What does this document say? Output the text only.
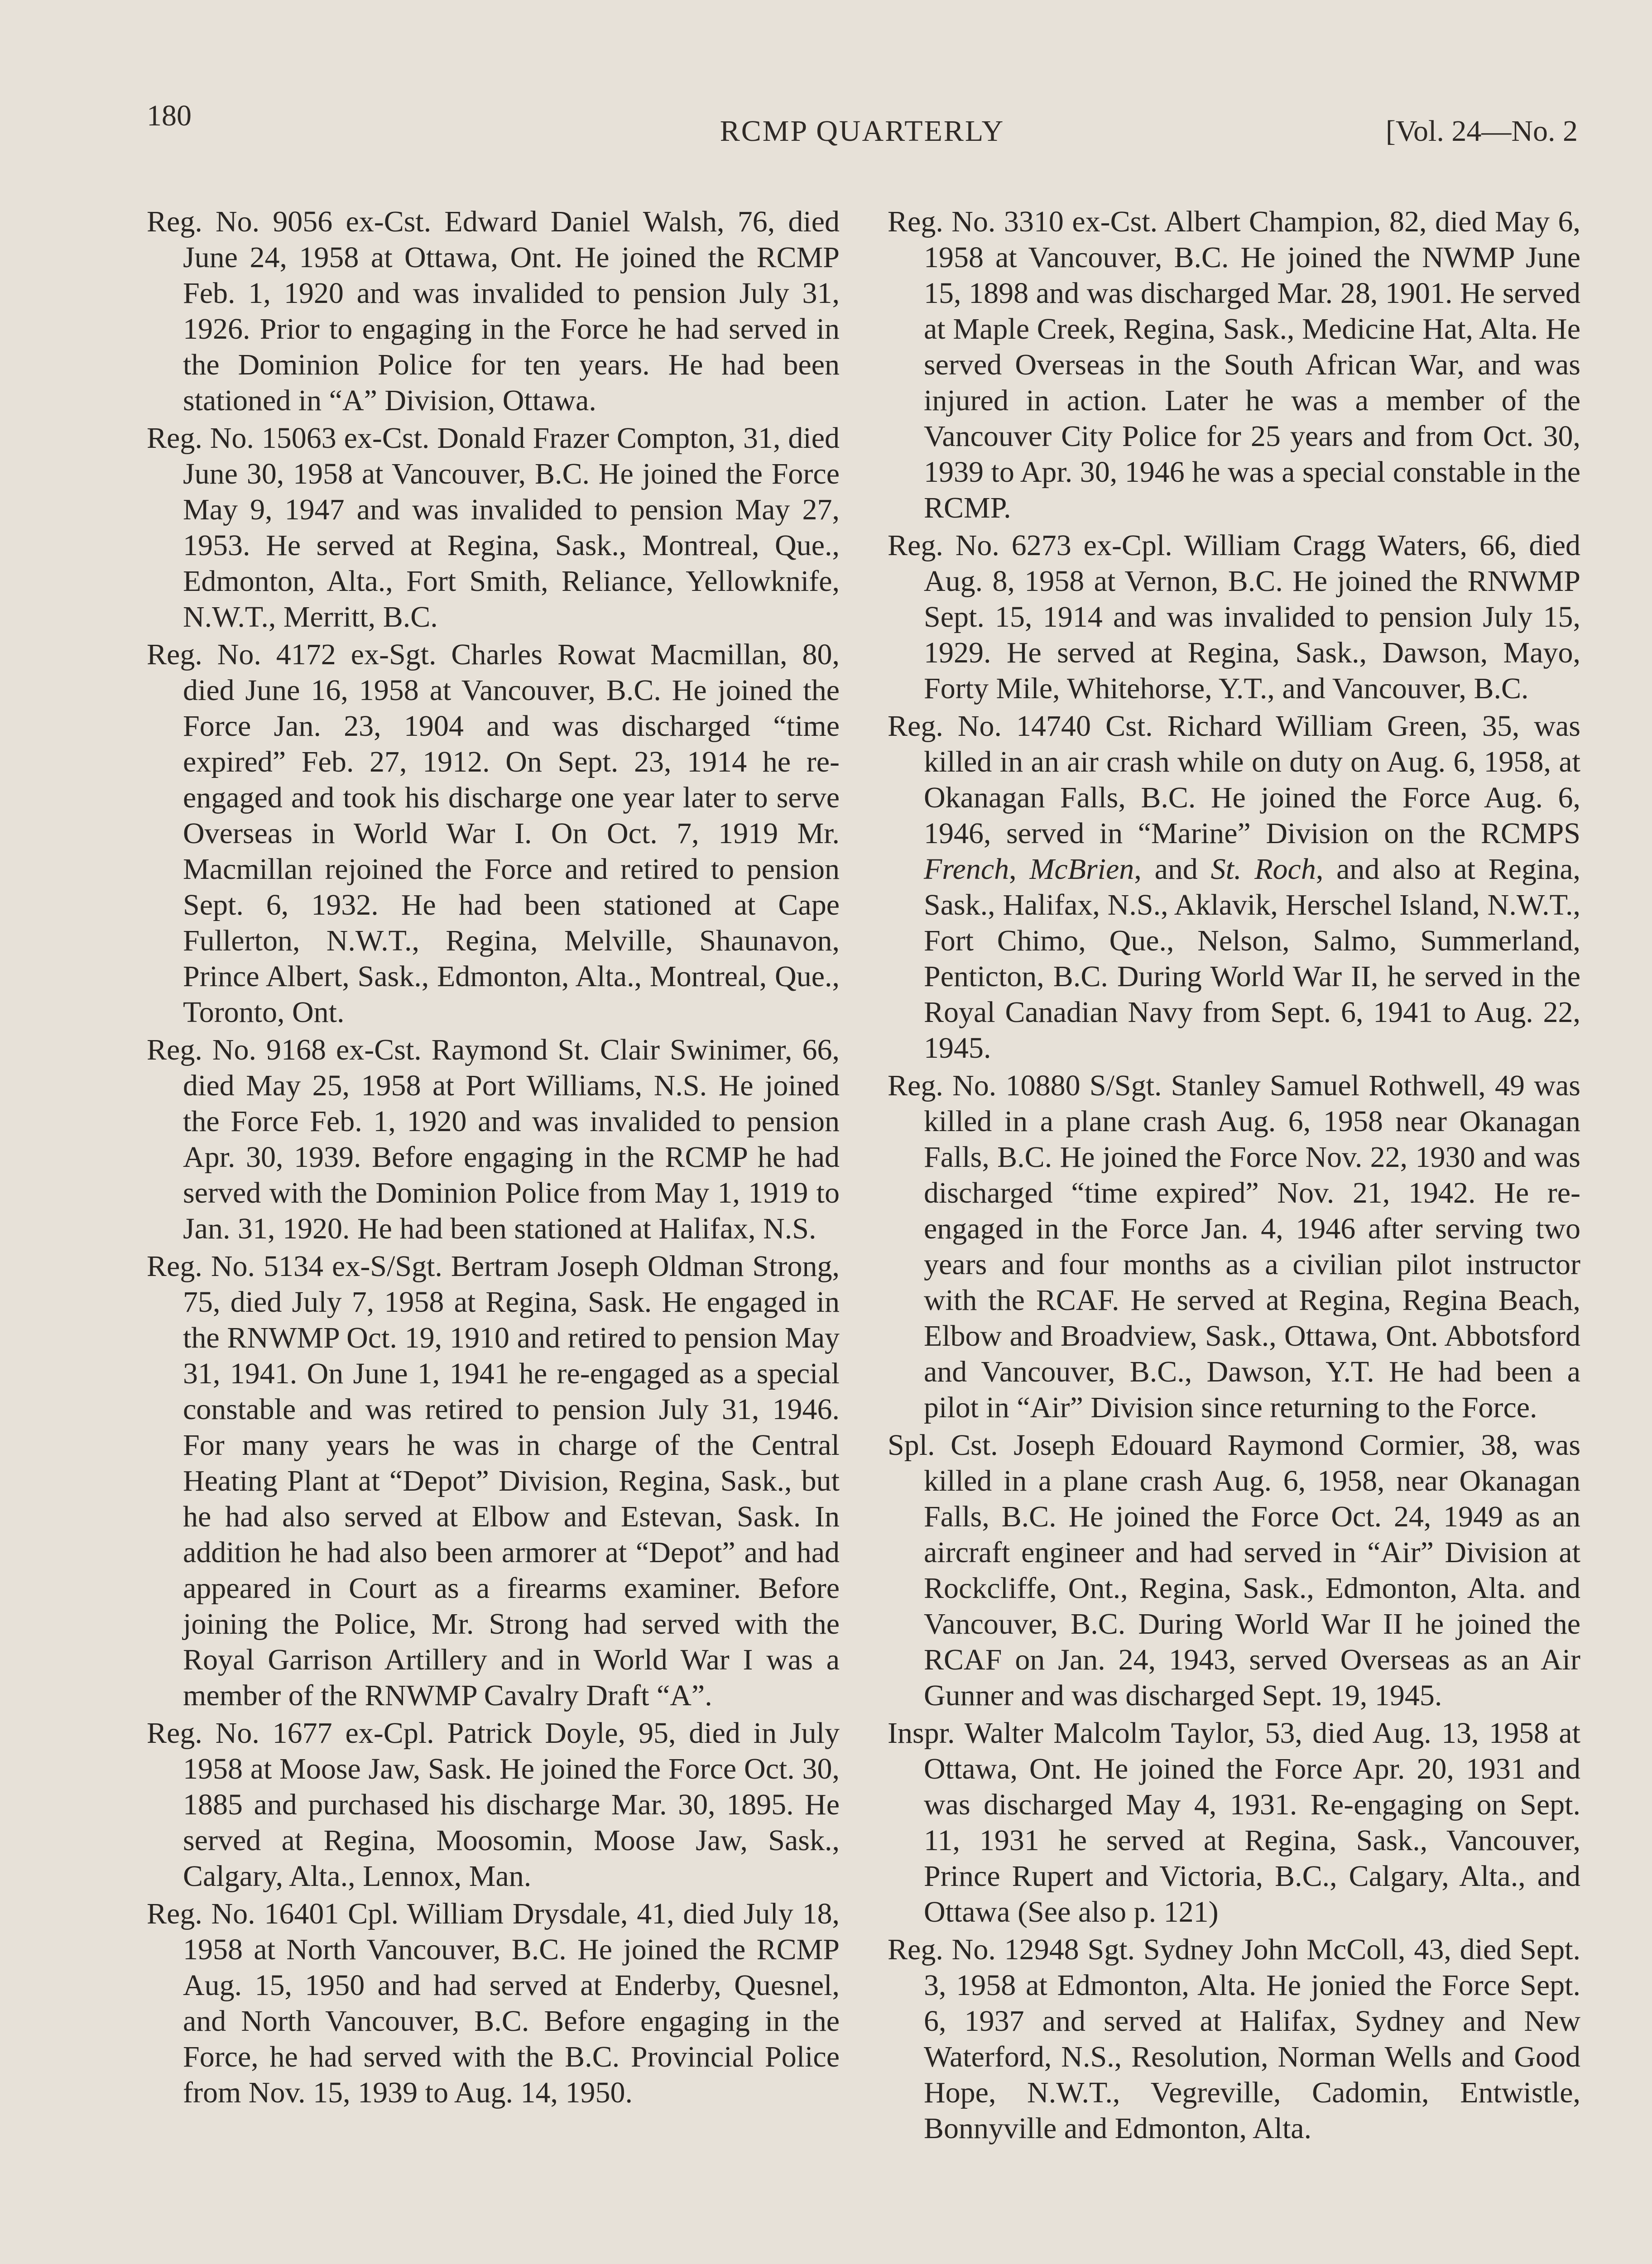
180	RCMP QUARTERLY	[Vol. 24—No. 2

Reg. No. 9056 ex-Cst. Edward Daniel Walsh, 76, died June 24, 1958 at Ottawa, Ont. He joined the RCMP Feb. 1, 1920 and was invalided to pension July 31, 1926. Prior to engaging in the Force he had served in the Dominion Police for ten years. He had been stationed in “A” Division, Ottawa.

Reg. No. 15063 ex-Cst. Donald Frazer Compton, 31, died June 30, 1958 at Vancouver, B.C. He joined the Force May 9, 1947 and was invalided to pension May 27, 1953. He served at Regina, Sask., Montreal, Que., Edmonton, Alta., Fort Smith, Reliance, Yellowknife, N.W.T., Merritt, B.C.

Reg. No. 4172 ex-Sgt. Charles Rowat Macmillan, 80, died June 16, 1958 at Vancouver, B.C. He joined the Force Jan. 23, 1904 and was discharged “time expired” Feb. 27, 1912. On Sept. 23, 1914 he re-engaged and took his discharge one year later to serve Overseas in World War I. On Oct. 7, 1919 Mr. Macmillan rejoined the Force and retired to pension Sept. 6, 1932. He had been stationed at Cape Fullerton, N.W.T., Regina, Melville, Shaunavon, Prince Albert, Sask., Edmonton, Alta., Montreal, Que., Toronto, Ont.

Reg. No. 9168 ex-Cst. Raymond St. Clair Swinimer, 66, died May 25, 1958 at Port Williams, N.S. He joined the Force Feb. 1, 1920 and was invalided to pension Apr. 30, 1939. Before engaging in the RCMP he had served with the Dominion Police from May 1, 1919 to Jan. 31, 1920. He had been stationed at Halifax, N.S.

Reg. No. 5134 ex-S/Sgt. Bertram Joseph Oldman Strong, 75, died July 7, 1958 at Regina, Sask. He engaged in the RNWMP Oct. 19, 1910 and retired to pension May 31, 1941. On June 1, 1941 he re-engaged as a special constable and was retired to pension July 31, 1946. For many years he was in charge of the Central Heating Plant at “Depot” Division, Regina, Sask., but he had also served at Elbow and Estevan, Sask. In addition he had also been armorer at “Depot” and had appeared in Court as a firearms examiner. Before joining the Police, Mr. Strong had served with the Royal Garrison Artillery and in World War I was a member of the RNWMP Cavalry Draft “A”.

Reg. No. 1677 ex-Cpl. Patrick Doyle, 95, died in July 1958 at Moose Jaw, Sask. He joined the Force Oct. 30, 1885 and purchased his discharge Mar. 30, 1895. He served at Regina, Moosomin, Moose Jaw, Sask., Calgary, Alta., Lennox, Man.

Reg. No. 16401 Cpl. William Drysdale, 41, died July 18, 1958 at North Vancouver, B.C. He joined the RCMP Aug. 15, 1950 and had served at Enderby, Quesnel, and North Vancouver, B.C. Before engaging in the Force, he had served with the B.C. Provincial Police from Nov. 15, 1939 to Aug. 14, 1950.

Reg. No. 3310 ex-Cst. Albert Champion, 82, died May 6, 1958 at Vancouver, B.C. He joined the NWMP June 15, 1898 and was discharged Mar. 28, 1901. He served at Maple Creek, Regina, Sask., Medicine Hat, Alta. He served Overseas in the South African War, and was injured in action. Later he was a member of the Vancouver City Police for 25 years and from Oct. 30, 1939 to Apr. 30, 1946 he was a special constable in the RCMP.

Reg. No. 6273 ex-Cpl. William Cragg Waters, 66, died Aug. 8, 1958 at Vernon, B.C. He joined the RNWMP Sept. 15, 1914 and was invalided to pension July 15, 1929. He served at Regina, Sask., Dawson, Mayo, Forty Mile, Whitehorse, Y.T., and Vancouver, B.C.

Reg. No. 14740 Cst. Richard William Green, 35, was killed in an air crash while on duty on Aug. 6, 1958, at Okanagan Falls, B.C. He joined the Force Aug. 6, 1946, served in “Marine” Division on the RCMPS French, McBrien, and St. Roch, and also at Regina, Sask., Halifax, N.S., Aklavik, Herschel Island, N.W.T., Fort Chimo, Que., Nelson, Salmo, Summerland, Penticton, B.C. During World War II, he served in the Royal Canadian Navy from Sept. 6, 1941 to Aug. 22, 1945.

Reg. No. 10880 S/Sgt. Stanley Samuel Rothwell, 49 was killed in a plane crash Aug. 6, 1958 near Okanagan Falls, B.C. He joined the Force Nov. 22, 1930 and was discharged “time expired” Nov. 21, 1942. He re-engaged in the Force Jan. 4, 1946 after serving two years and four months as a civilian pilot instructor with the RCAF. He served at Regina, Regina Beach, Elbow and Broadview, Sask., Ottawa, Ont. Abbotsford and Vancouver, B.C., Dawson, Y.T. He had been a pilot in “Air” Division since returning to the Force.

Spl. Cst. Joseph Edouard Raymond Cormier, 38, was killed in a plane crash Aug. 6, 1958, near Okanagan Falls, B.C. He joined the Force Oct. 24, 1949 as an aircraft engineer and had served in “Air” Division at Rockcliffe, Ont., Regina, Sask., Edmonton, Alta. and Vancouver, B.C. During World War II he joined the RCAF on Jan. 24, 1943, served Overseas as an Air Gunner and was discharged Sept. 19, 1945.

Inspr. Walter Malcolm Taylor, 53, died Aug. 13, 1958 at Ottawa, Ont. He joined the Force Apr. 20, 1931 and was discharged May 4, 1931. Re-engaging on Sept. 11, 1931 he served at Regina, Sask., Vancouver, Prince Rupert and Victoria, B.C., Calgary, Alta., and Ottawa (See also p. 121)

Reg. No. 12948 Sgt. Sydney John McColl, 43, died Sept. 3, 1958 at Edmonton, Alta. He jonied the Force Sept. 6, 1937 and served at Halifax, Sydney and New Waterford, N.S., Resolution, Norman Wells and Good Hope, N.W.T., Vegreville, Cadomin, Entwistle, Bonnyville and Edmonton, Alta.
